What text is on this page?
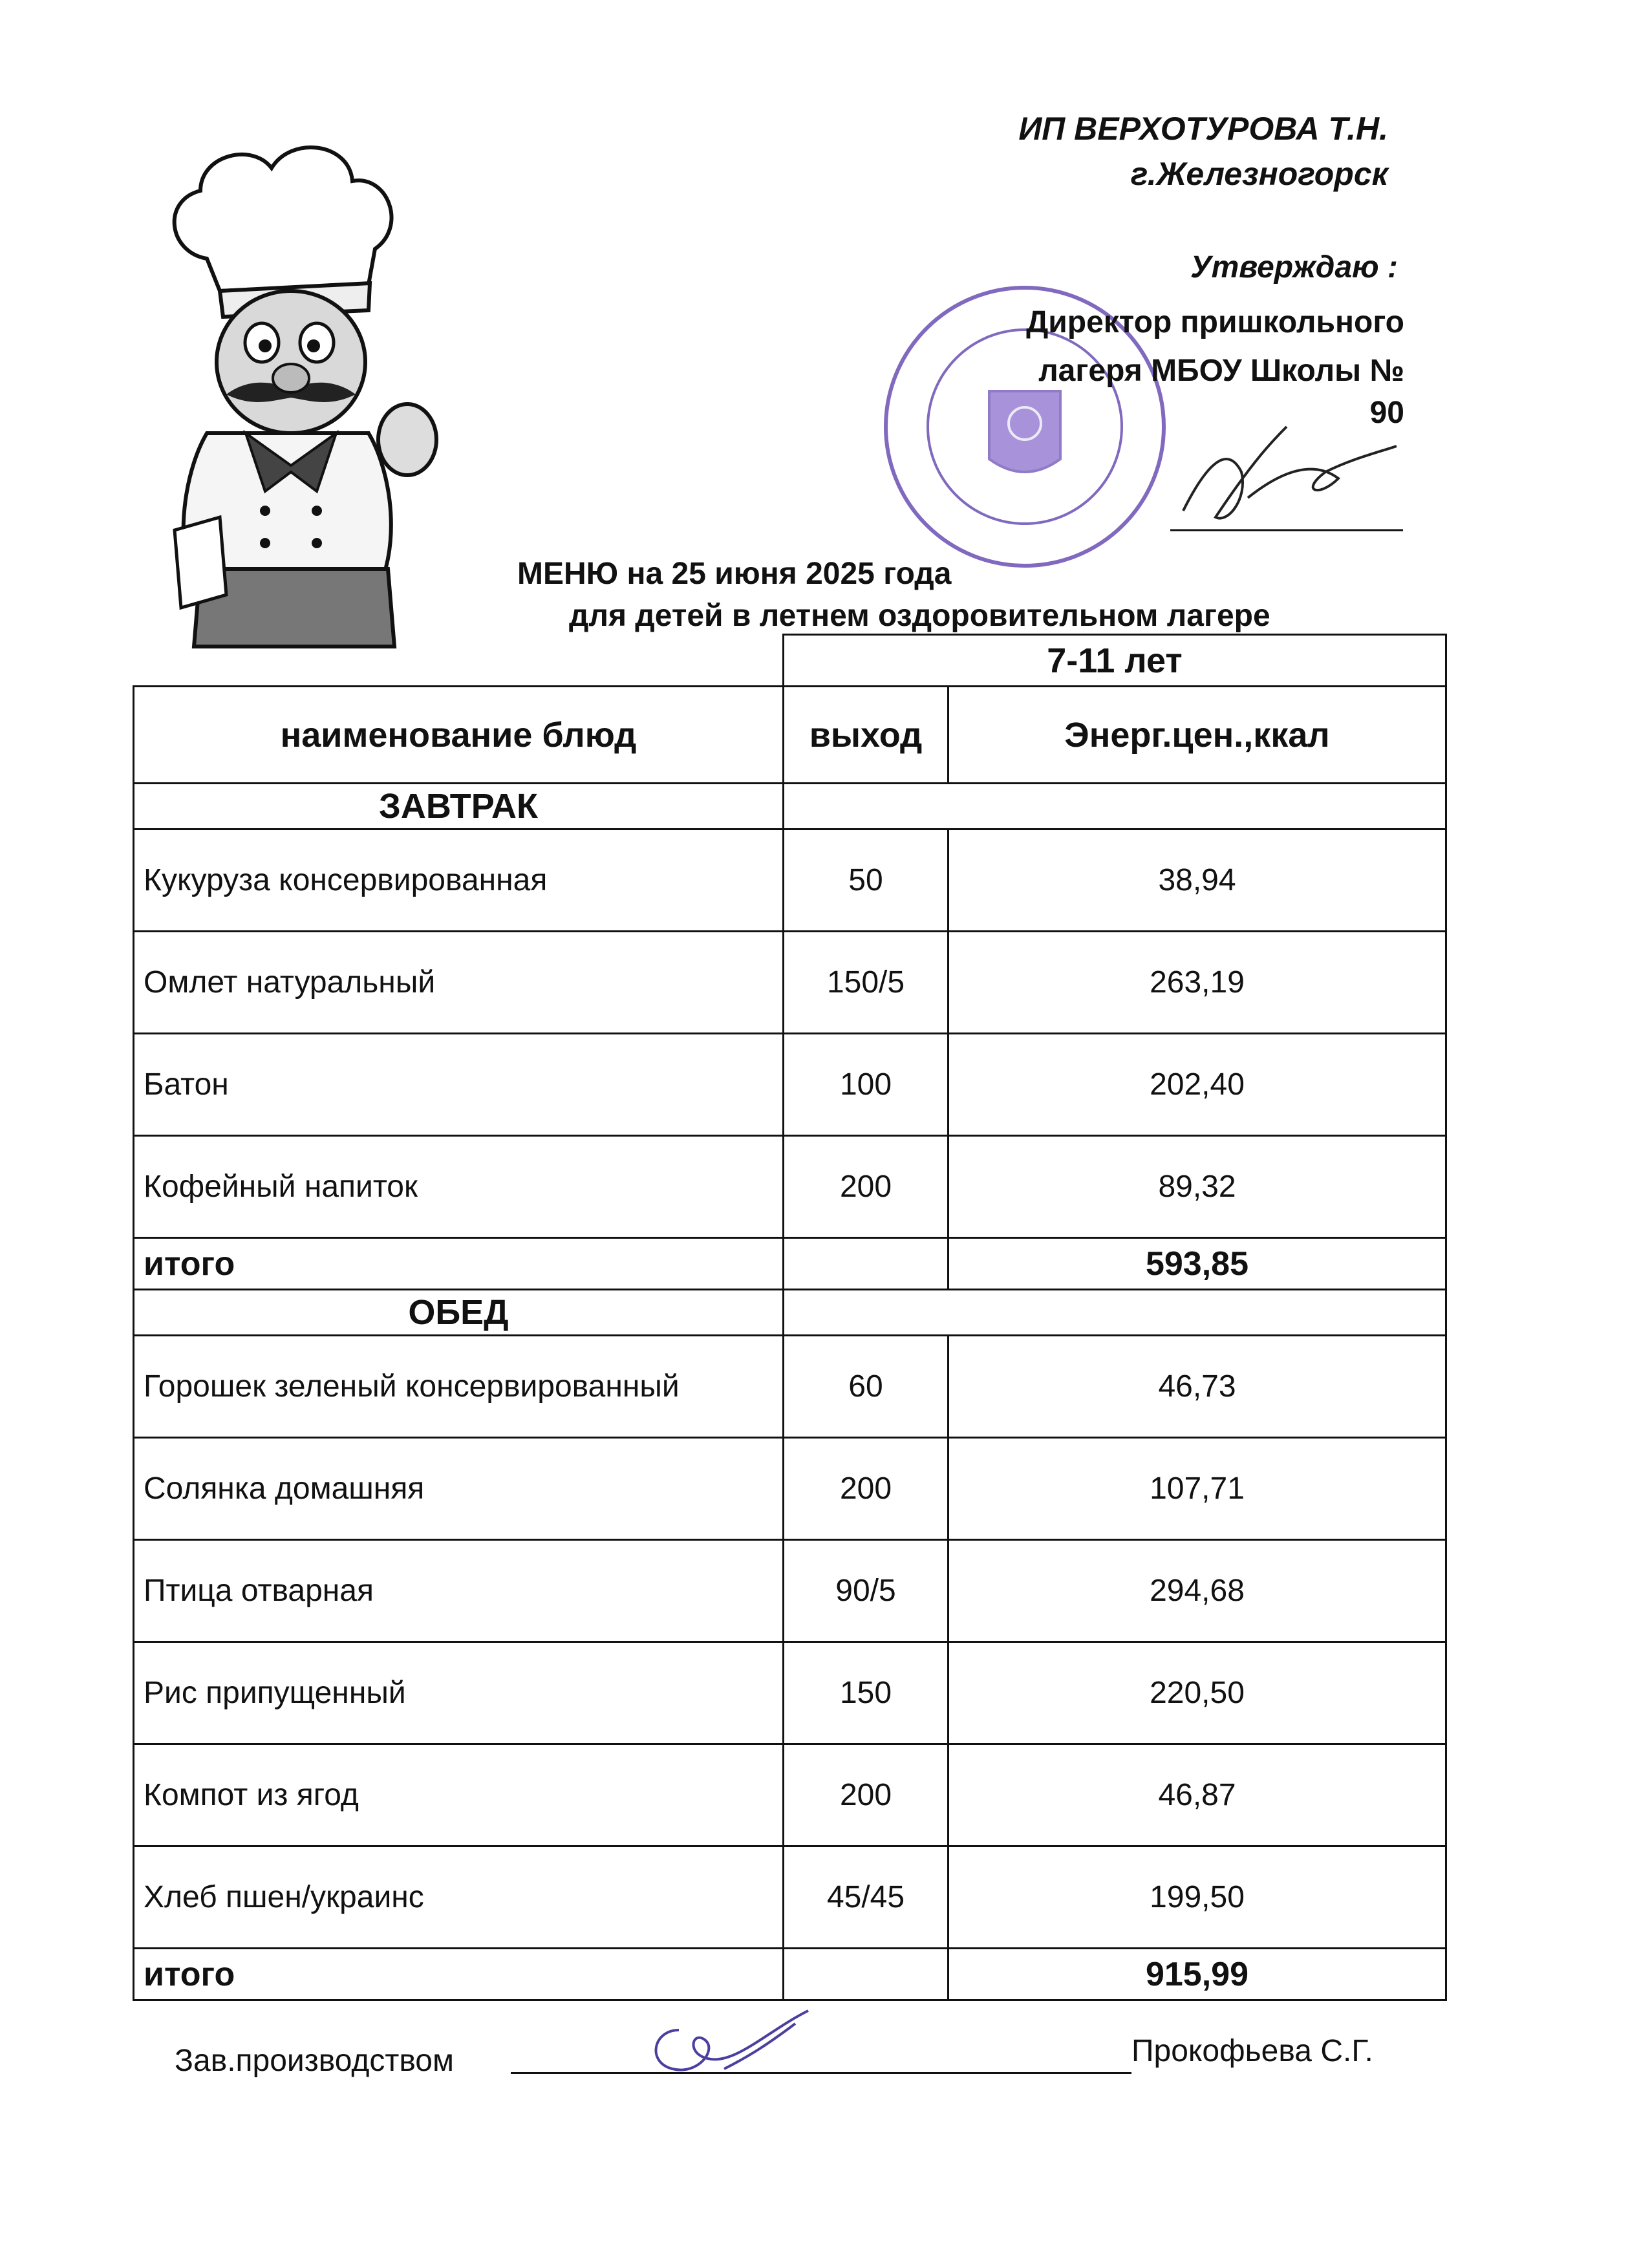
ИП ВЕРХОТУРОВА Т.Н.
г.Железногорск
Утверждаю :
Директор пришкольного
лагеря МБОУ Школы №
90
МЕНЮ на 25 июня 2025 года
для детей в летнем оздоровительном лагере
	7-11 лет	
наименование блюд	выход	Энерг.цен.,ккал
ЗАВТРАК		
Кукуруза консервированная	50	38,94
Омлет натуральный	150/5	263,19
Батон	100	202,40
Кофейный напиток	200	89,32
итого		593,85
ОБЕД		
Горошек зеленый консервированный	60	46,73
Солянка домашняя	200	107,71
Птица отварная	90/5	294,68
Рис припущенный	150	220,50
Компот из ягод	200	46,87
Хлеб пшен/украинс	45/45	199,50
итого		915,99
Зав.производством	Прокофьева С.Г.
